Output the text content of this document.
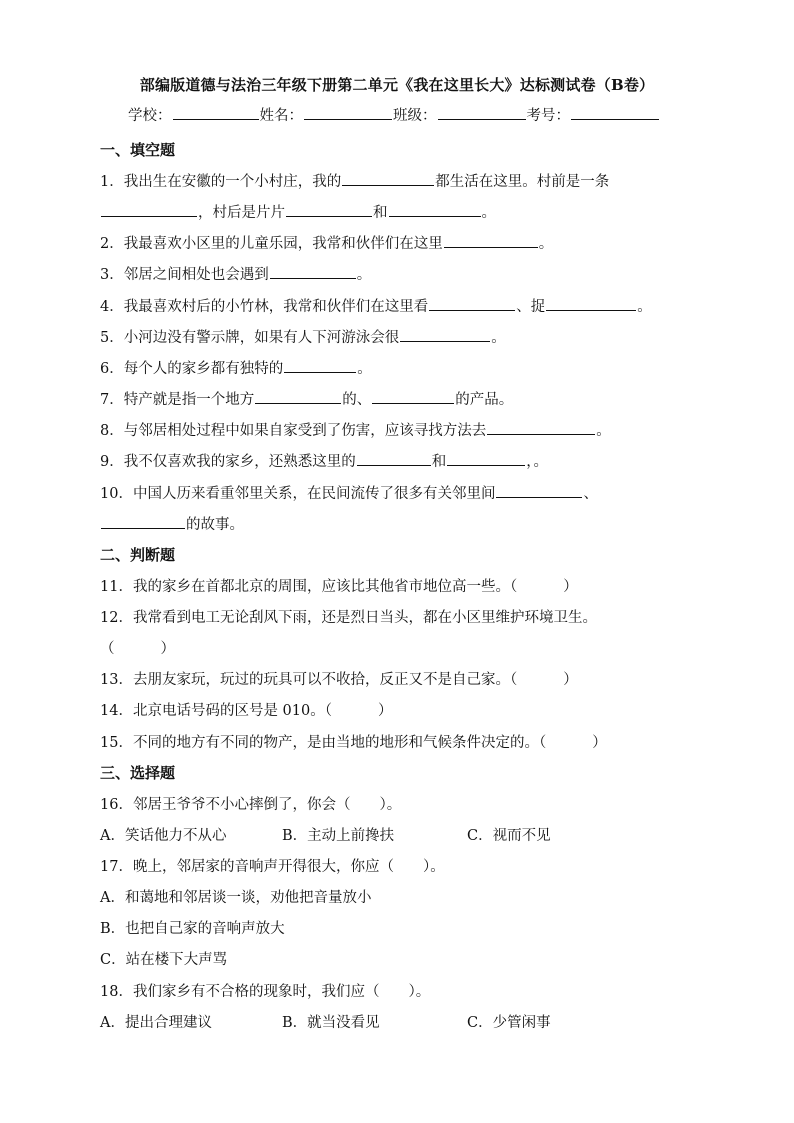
部编版道德与法治三年级下册第二单元《我在这里长大》达标测试卷（B卷）
学校：	姓名：	班级：	考号：
一、填空题
1．我出生在安徽的一个小村庄，我的	都生活在这里。村前是一条
，村后是片片	和	。
2．我最喜欢小区里的儿童乐园，我常和伙伴们在这里	。
3．邻居之间相处也会遇到	。
4．我最喜欢村后的小竹林，我常和伙伴们在这里看	、捉	。
5．小河边没有警示牌，如果有人下河游泳会很	。
6．每个人的家乡都有独特的	。
7．特产就是指一个地方	的、	的产品。
8．与邻居相处过程中如果自家受到了伤害，应该寻找方法去	。
9．我不仅喜欢我的家乡，还熟悉这里的	和	，。
10．中国人历来看重邻里关系，在民间流传了很多有关邻里间	、
的故事。
二、判断题
11．我的家乡在首都北京的周围，应该比其他省市地位高一些。（	）
12．我常看到电工无论刮风下雨，还是烈日当头，都在小区里维护环境卫生。
（	）
13．去朋友家玩，玩过的玩具可以不收拾，反正又不是自己家。（	）
14．北京电话号码的区号是 010。（	）
15．不同的地方有不同的物产，是由当地的地形和气候条件决定的。（	）
三、选择题
16．邻居王爷爷不小心摔倒了，你会（　　）。
A．笑话他力不从心	B．主动上前搀扶	C．视而不见
17．晚上，邻居家的音响声开得很大，你应（　　）。
A．和蔼地和邻居谈一谈，劝他把音量放小
B．也把自己家的音响声放大
C．站在楼下大声骂
18．我们家乡有不合格的现象时，我们应（　　）。
A．提出合理建议	B．就当没看见	C．少管闲事
